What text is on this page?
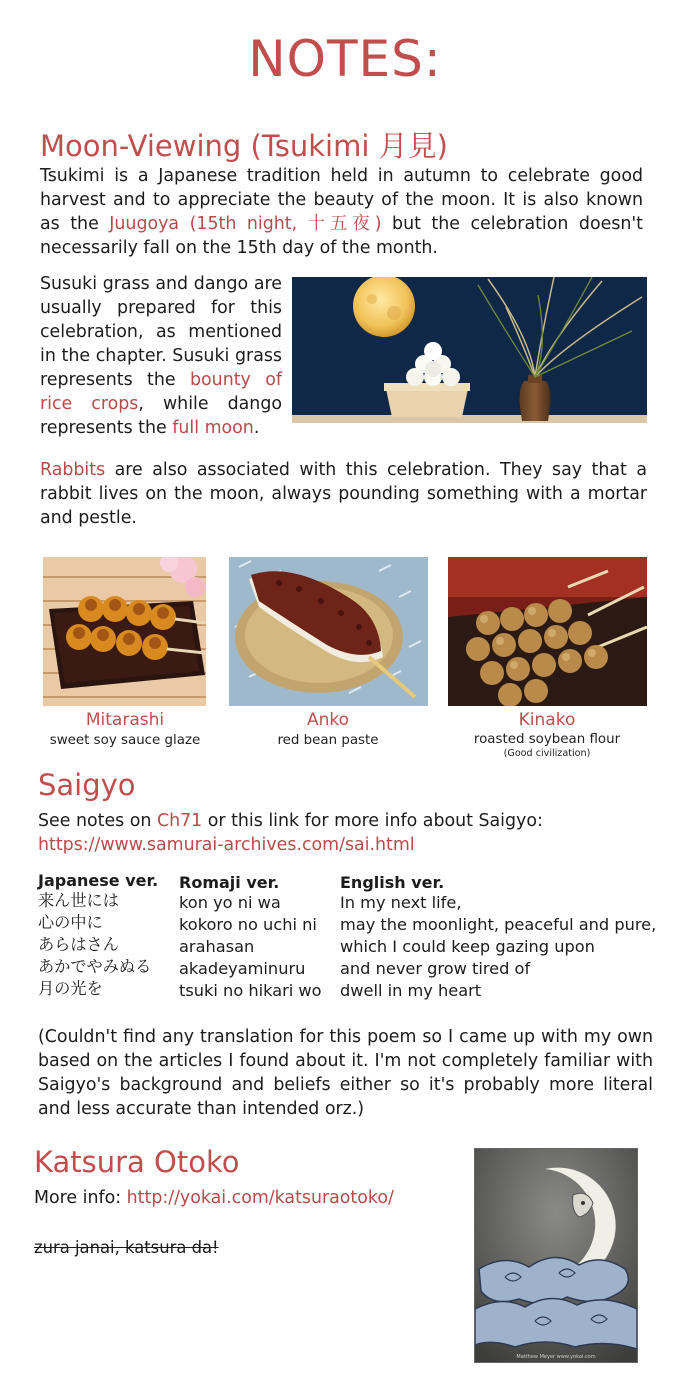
NOTES:
Moon-Viewing (Tsukimi 月見)
Tsukimi is a Japanese tradition held in autumn to celebrate good harvest and to appreciate the beauty of the moon. It is also known as the Juugoya (15th night, 十五夜) but the celebration doesn't necessarily fall on the 15th day of the month.
Susuki grass and dango are usually prepared for this celebration, as mentioned in the chapter. Susuki grass represents the bounty of rice crops, while dango represents the full moon.
Rabbits are also associated with this celebration. They say that a rabbit lives on the moon, always pounding something with a mortar and pestle.
Mitarashi
sweet soy sauce glaze
Anko
red bean paste
Kinako
roasted soybean flour
(Good civilization)
Saigyo
See notes on Ch71 or this link for more info about Saigyo:
https://www.samurai-archives.com/sai.html
Japanese ver.
来ん世には
心の中に
あらはさん
あかでやみぬる
月の光を
Romaji ver.
kon yo ni wa
kokoro no uchi ni
arahasan
akadeyaminuru
tsuki no hikari wo
English ver.
In my next life,
may the moonlight, peaceful and pure,
which I could keep gazing upon
and never grow tired of
dwell in my heart
(Couldn't find any translation for this poem so I came up with my own based on the articles I found about it. I'm not completely familiar with Saigyo's background and beliefs either so it's probably more literal and less accurate than intended orz.)
Katsura Otoko
More info: http://yokai.com/katsuraotoko/
zura janai, katsura da!
Matthew Meyer www.yokai.com
